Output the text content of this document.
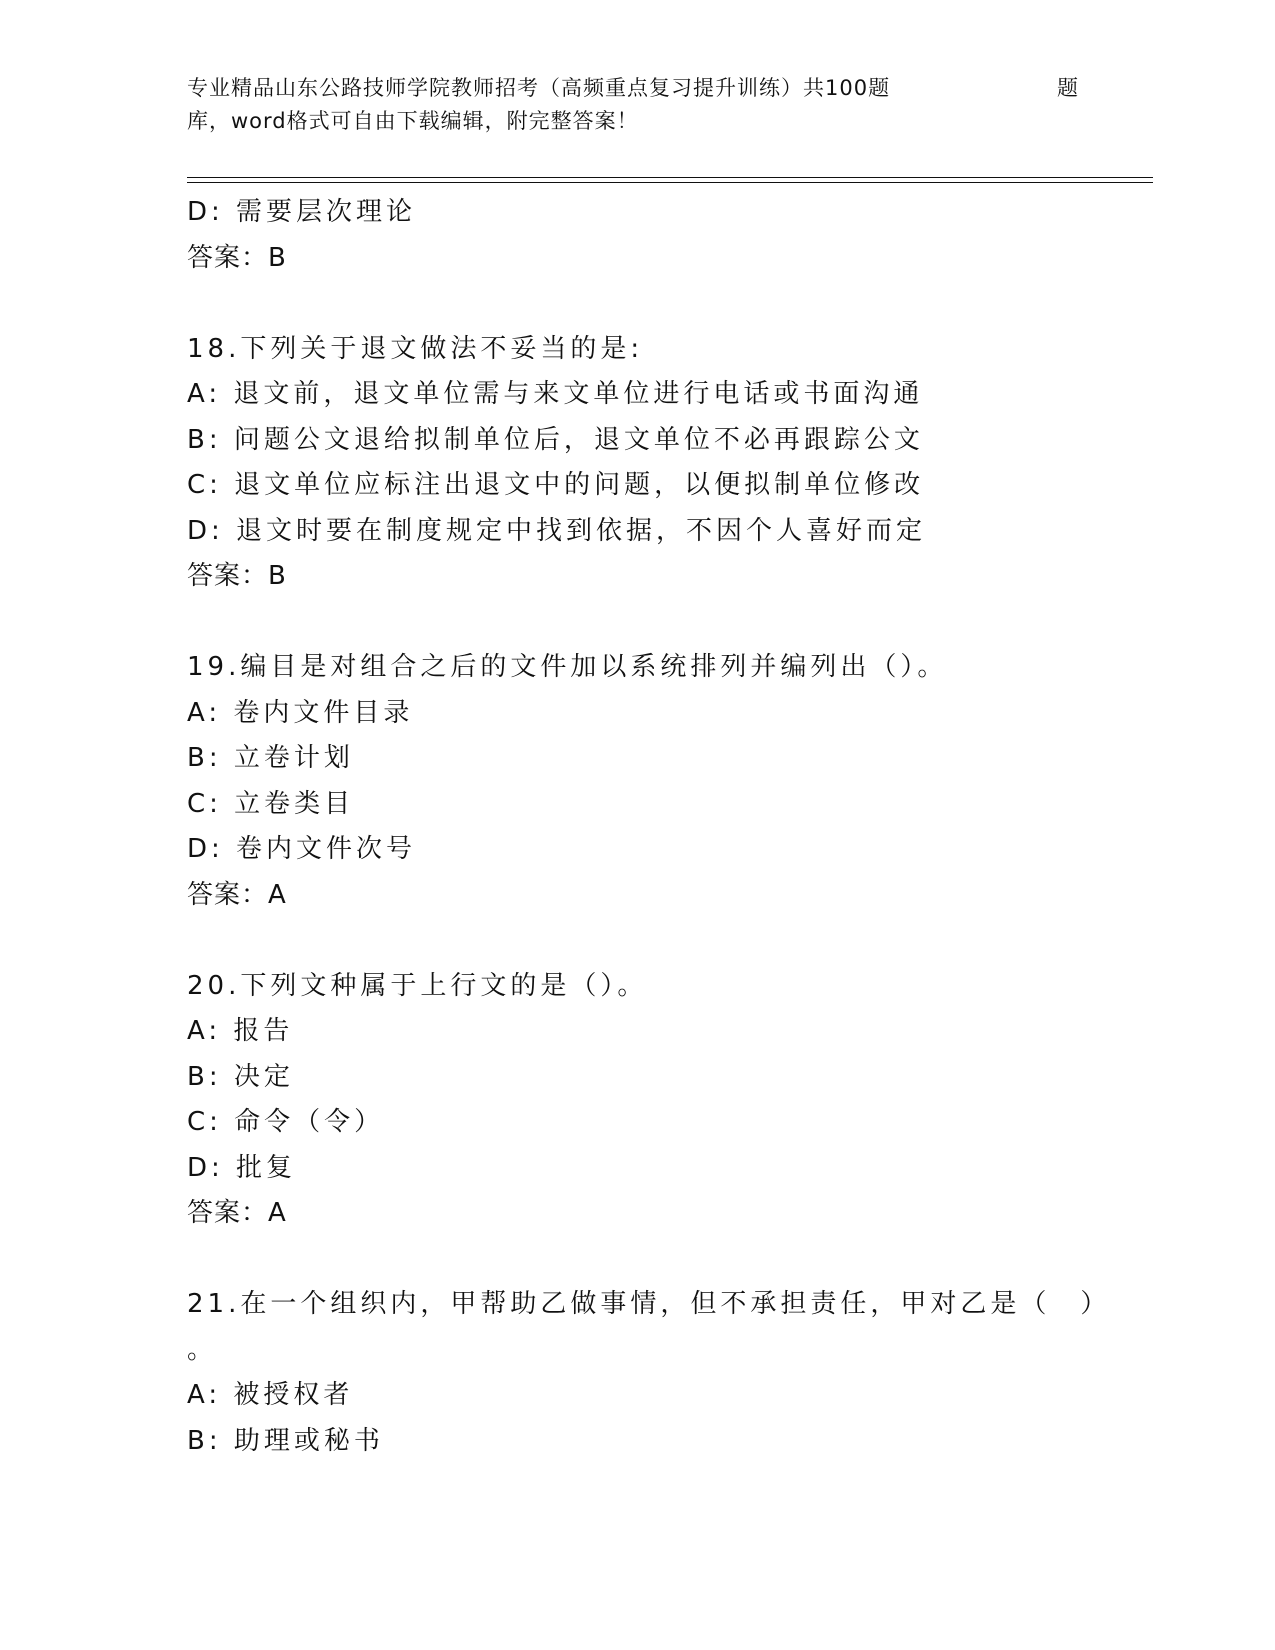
专业精品山东公路技师学院教师招考（高频重点复习提升训练）共100题	题
库，word格式可自由下载编辑，附完整答案！
D: 需要层次理论
答案：B
18.下列关于退文做法不妥当的是:
A: 退文前，退文单位需与来文单位进行电话或书面沟通
B: 问题公文退给拟制单位后，退文单位不必再跟踪公文
C: 退文单位应标注出退文中的问题，以便拟制单位修改
D: 退文时要在制度规定中找到依据，不因个人喜好而定
答案：B
19.编目是对组合之后的文件加以系统排列并编列出（）。
A: 卷内文件目录
B: 立卷计划
C: 立卷类目
D: 卷内文件次号
答案：A
20.下列文种属于上行文的是（）。
A: 报告
B: 决定
C: 命令（令）
D: 批复
答案：A
21.在一个组织内，甲帮助乙做事情，但不承担责任，甲对乙是（　）
。
A: 被授权者
B: 助理或秘书
